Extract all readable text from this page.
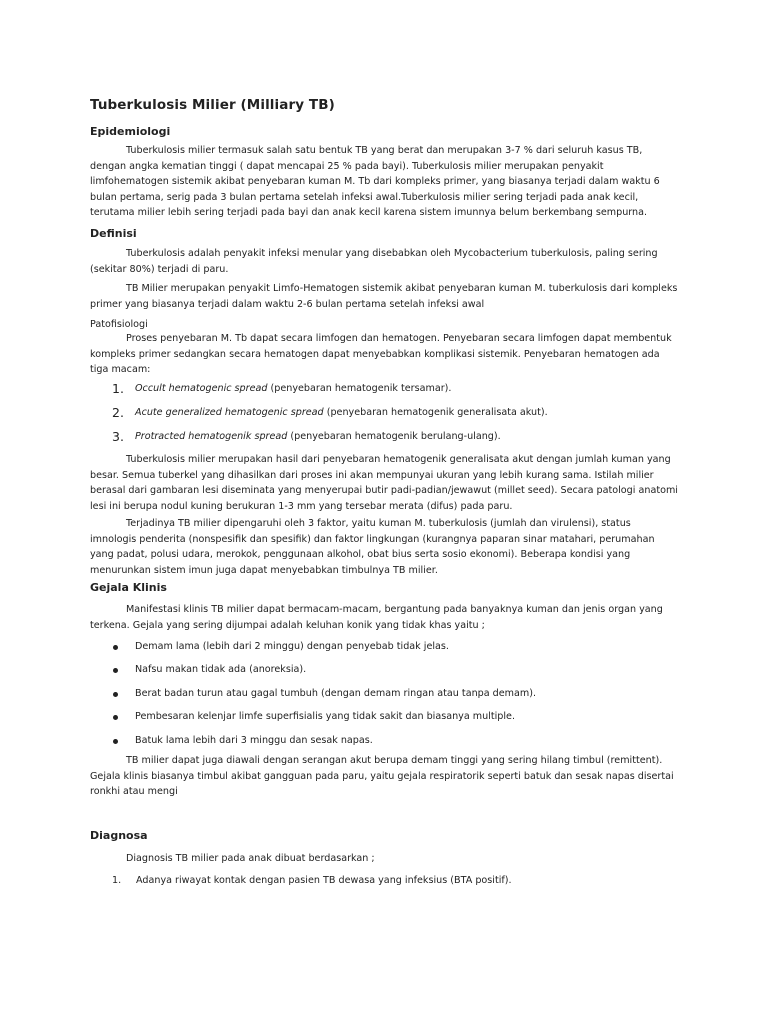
Tuberkulosis Milier (Milliary TB)
Epidemiologi

Tuberkulosis milier termasuk salah satu bentuk TB yang berat dan merupakan 3-7 % dari seluruh kasus TB, dengan angka kematian tinggi ( dapat mencapai 25 % pada bayi). Tuberkulosis milier merupakan penyakit limfohematogen sistemik akibat penyebaran kuman M. Tb dari kompleks primer, yang biasanya terjadi dalam waktu 6 bulan pertama, serig pada 3 bulan pertama setelah infeksi awal.Tuberkulosis milier sering terjadi pada anak kecil, terutama milier lebih sering terjadi pada bayi dan anak kecil karena sistem imunnya belum berkembang sempurna.

Definisi

Tuberkulosis adalah penyakit infeksi menular yang disebabkan oleh Mycobacterium tuberkulosis, paling sering (sekitar 80%) terjadi di paru.

TB Milier merupakan penyakit Limfo-Hematogen sistemik akibat penyebaran kuman M. tuberkulosis dari kompleks primer yang biasanya terjadi dalam waktu 2-6 bulan pertama setelah infeksi awal

Patofisiologi

Proses penyebaran M. Tb dapat secara limfogen dan hematogen. Penyebaran secara limfogen dapat membentuk kompleks primer sedangkan secara hematogen dapat menyebabkan komplikasi sistemik. Penyebaran hematogen ada tiga macam:

1. Occult hematogenic spread (penyebaran hematogenik tersamar).
2. Acute generalized hematogenic spread (penyebaran hematogenik generalisata akut).
3. Protracted hematogenik spread (penyebaran hematogenik berulang-ulang).

Tuberkulosis milier merupakan hasil dari penyebaran hematogenik generalisata akut dengan jumlah kuman yang besar. Semua tuberkel yang dihasilkan dari proses ini akan mempunyai ukuran yang lebih kurang sama. Istilah milier berasal dari gambaran lesi diseminata yang menyerupai butir padi-padian/jewawut (millet seed). Secara patologi anatomi lesi ini berupa nodul kuning berukuran 1-3 mm yang tersebar merata (difus) pada paru.

Terjadinya TB milier dipengaruhi oleh 3 faktor, yaitu kuman M. tuberkulosis (jumlah dan virulensi), status imnologis penderita (nonspesifik dan spesifik) dan faktor lingkungan (kurangnya paparan sinar matahari, perumahan yang padat, polusi udara, merokok, penggunaan alkohol, obat bius serta sosio ekonomi). Beberapa kondisi yang menurunkan sistem imun juga dapat menyebabkan timbulnya TB milier.

Gejala Klinis

Manifestasi klinis TB milier dapat bermacam-macam, bergantung pada banyaknya kuman dan jenis organ yang terkena. Gejala yang sering dijumpai adalah keluhan konik yang tidak khas yaitu ;

Demam lama (lebih dari 2 minggu) dengan penyebab tidak jelas.
Nafsu makan tidak ada (anoreksia).
Berat badan turun atau gagal tumbuh (dengan demam ringan atau tanpa demam).
Pembesaran kelenjar limfe superfisialis yang tidak sakit dan biasanya multiple.
Batuk lama lebih dari 3 minggu dan sesak napas.

TB milier dapat juga diawali dengan serangan akut berupa demam tinggi yang sering hilang timbul (remittent). Gejala klinis biasanya timbul akibat gangguan pada paru, yaitu gejala respiratorik seperti batuk dan sesak napas disertai ronkhi atau mengi

Diagnosa

Diagnosis TB milier pada anak dibuat berdasarkan ;

1. Adanya riwayat kontak dengan pasien TB dewasa yang infeksius (BTA positif).
